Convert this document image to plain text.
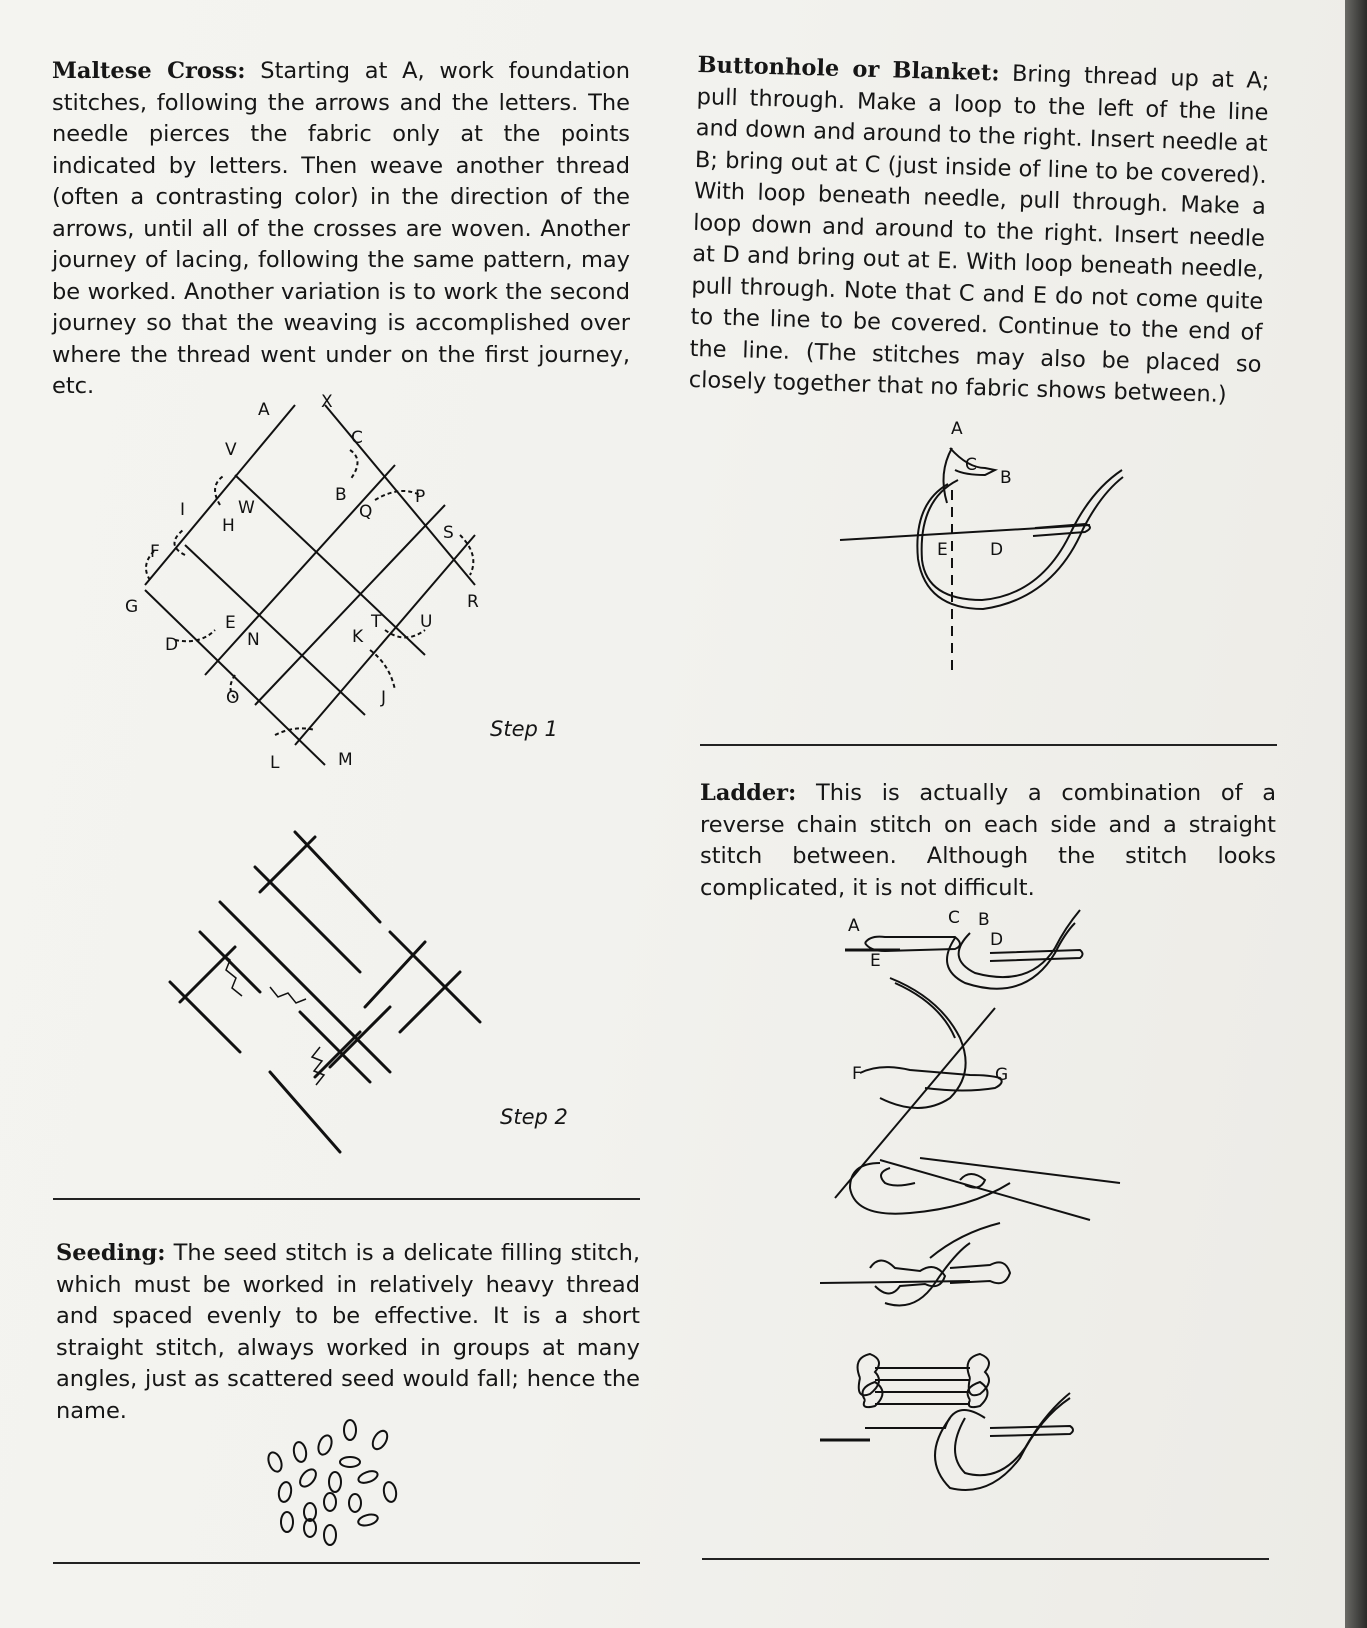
Maltese Cross: Starting at A, work foundation stitches, following the arrows and the letters. The needle pierces the fabric only at the points indicated by letters. Then weave another thread (often a contrasting color) in the direction of the arrows, until all of the crosses are woven. Another journey of lacing, following the same pattern, may be worked. Another variation is to work the second journey so that the weaving is accomplished over where the thread went under on the first journey, etc.

Buttonhole or Blanket: Bring thread up at A; pull through. Make a loop to the left of the line and down and around to the right. Insert needle at B; bring out at C (just inside of line to be covered). With loop beneath needle, pull through. Make a loop down and around to the right. Insert needle at D and bring out at E. With loop beneath needle, pull through. Note that C and E do not come quite to the line to be covered. Continue to the end of the line. (The stitches may also be placed so closely together that no fabric shows between.)

A	X
C
V
W
B	P
Q
I
H	S
F
G	R
E
N
T U
D	K
O	J
L	M
Step 1
Step 2

Seeding: The seed stitch is a delicate filling stitch, which must be worked in relatively heavy thread and spaced evenly to be effective. It is a short straight stitch, always worked in groups at many angles, just as scattered seed would fall; hence the name.

A
C
B
E D

Ladder: This is actually a combination of a reverse chain stitch on each side and a straight stitch between. Although the stitch looks complicated, it is not difficult.

A	C B
E
D
F	G
